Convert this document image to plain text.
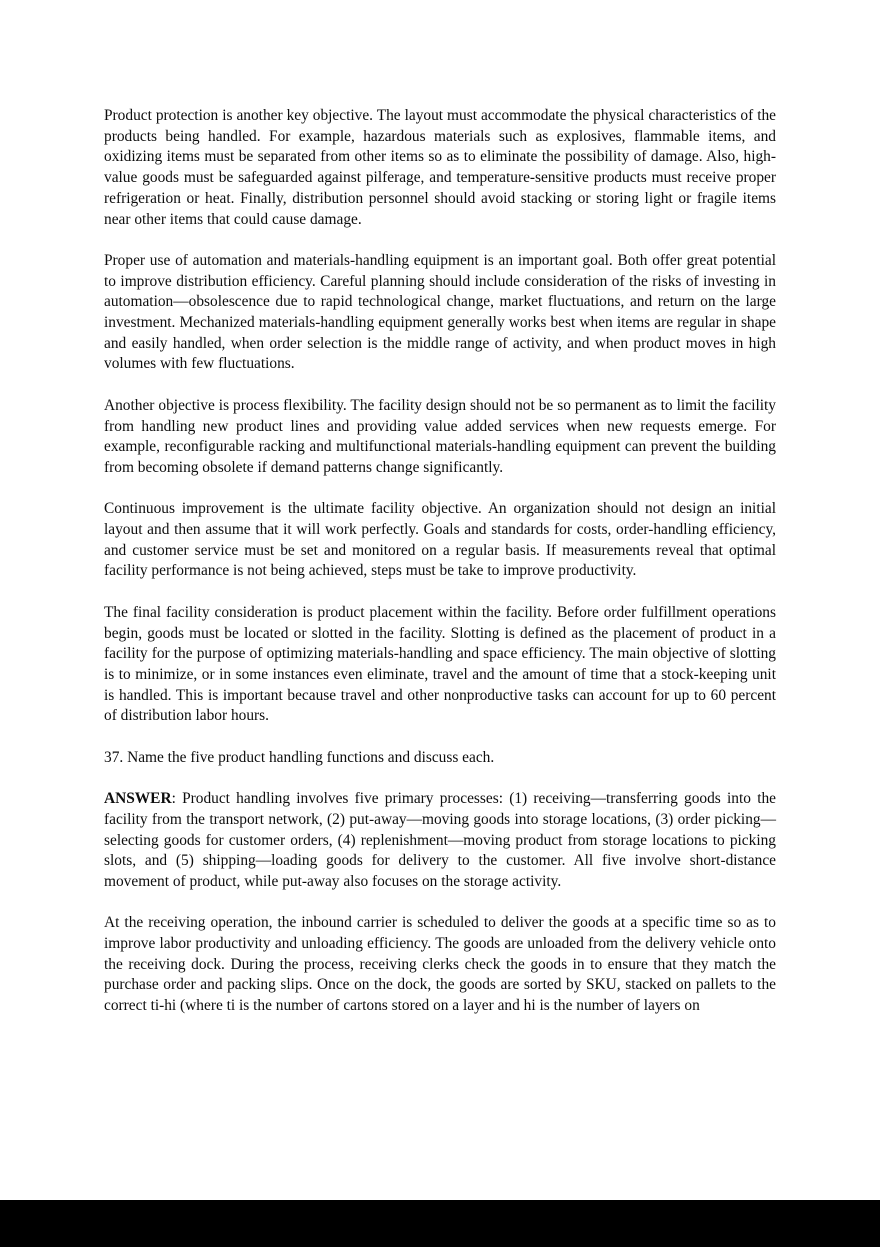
Product protection is another key objective. The layout must accommodate the physical characteristics of the products being handled. For example, hazardous materials such as explosives, flammable items, and oxidizing items must be separated from other items so as to eliminate the possibility of damage. Also, high-value goods must be safeguarded against pilferage, and temperature-sensitive products must receive proper refrigeration or heat. Finally, distribution personnel should avoid stacking or storing light or fragile items near other items that could cause damage.

Proper use of automation and materials-handling equipment is an important goal. Both offer great potential to improve distribution efficiency. Careful planning should include consideration of the risks of investing in automation—obsolescence due to rapid technological change, market fluctuations, and return on the large investment. Mechanized materials-handling equipment generally works best when items are regular in shape and easily handled, when order selection is the middle range of activity, and when product moves in high volumes with few fluctuations.

Another objective is process flexibility. The facility design should not be so permanent as to limit the facility from handling new product lines and providing value added services when new requests emerge. For example, reconfigurable racking and multifunctional materials-handling equipment can prevent the building from becoming obsolete if demand patterns change significantly.

Continuous improvement is the ultimate facility objective. An organization should not design an initial layout and then assume that it will work perfectly. Goals and standards for costs, order-handling efficiency, and customer service must be set and monitored on a regular basis. If measurements reveal that optimal facility performance is not being achieved, steps must be take to improve productivity.

The final facility consideration is product placement within the facility. Before order fulfillment operations begin, goods must be located or slotted in the facility. Slotting is defined as the placement of product in a facility for the purpose of optimizing materials-handling and space efficiency. The main objective of slotting is to minimize, or in some instances even eliminate, travel and the amount of time that a stock-keeping unit is handled. This is important because travel and other nonproductive tasks can account for up to 60 percent of distribution labor hours.

37. Name the five product handling functions and discuss each.

ANSWER: Product handling involves five primary processes: (1) receiving—transferring goods into the facility from the transport network, (2) put-away—moving goods into storage locations, (3) order picking—selecting goods for customer orders, (4) replenishment—moving product from storage locations to picking slots, and (5) shipping—loading goods for delivery to the customer. All five involve short-distance movement of product, while put-away also focuses on the storage activity.

At the receiving operation, the inbound carrier is scheduled to deliver the goods at a specific time so as to improve labor productivity and unloading efficiency. The goods are unloaded from the delivery vehicle onto the receiving dock. During the process, receiving clerks check the goods in to ensure that they match the purchase order and packing slips. Once on the dock, the goods are sorted by SKU, stacked on pallets to the correct ti-hi (where ti is the number of cartons stored on a layer and hi is the number of layers on
